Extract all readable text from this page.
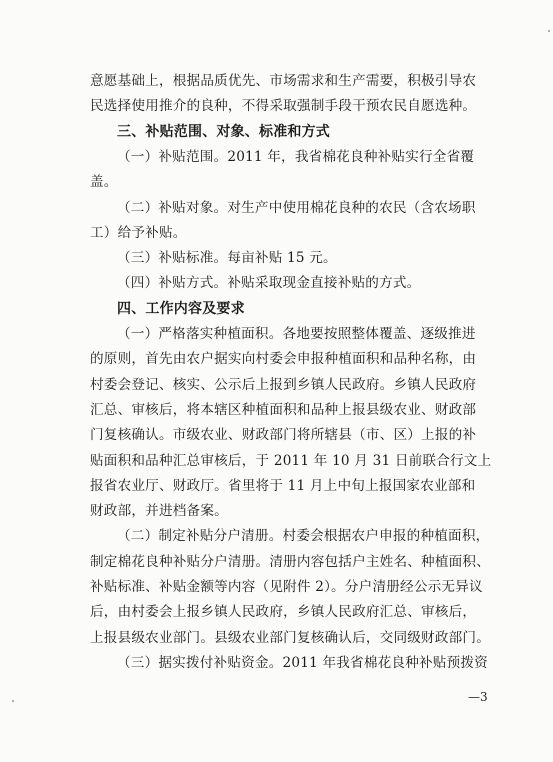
意愿基础上，根据品质优先、市场需求和生产需要，积极引导农
民选择使用推介的良种，不得采取强制手段干预农民自愿选种。
三、补贴范围、对象、标准和方式
（一）补贴范围。2011 年，我省棉花良种补贴实行全省覆
盖。
（二）补贴对象。对生产中使用棉花良种的农民（含农场职
工）给予补贴。
（三）补贴标准。每亩补贴 15 元。
（四）补贴方式。补贴采取现金直接补贴的方式。
四、工作内容及要求
（一）严格落实种植面积。各地要按照整体覆盖、逐级推进
的原则，首先由农户据实向村委会申报种植面积和品种名称，由
村委会登记、核实、公示后上报到乡镇人民政府。乡镇人民政府
汇总、审核后，将本辖区种植面积和品种上报县级农业、财政部
门复核确认。市级农业、财政部门将所辖县（市、区）上报的补
贴面积和品种汇总审核后，于 2011 年 10 月 31 日前联合行文上
报省农业厅、财政厅。省里将于 11 月上中旬上报国家农业部和
财政部，并进档备案。
（二）制定补贴分户清册。村委会根据农户申报的种植面积，
制定棉花良种补贴分户清册。清册内容包括户主姓名、种植面积、
补贴标准、补贴金额等内容（见附件 2）。分户清册经公示无异议
后，由村委会上报乡镇人民政府，乡镇人民政府汇总、审核后，
上报县级农业部门。县级农业部门复核确认后，交同级财政部门。
（三）据实拨付补贴资金。2011 年我省棉花良种补贴预拨资
—3
